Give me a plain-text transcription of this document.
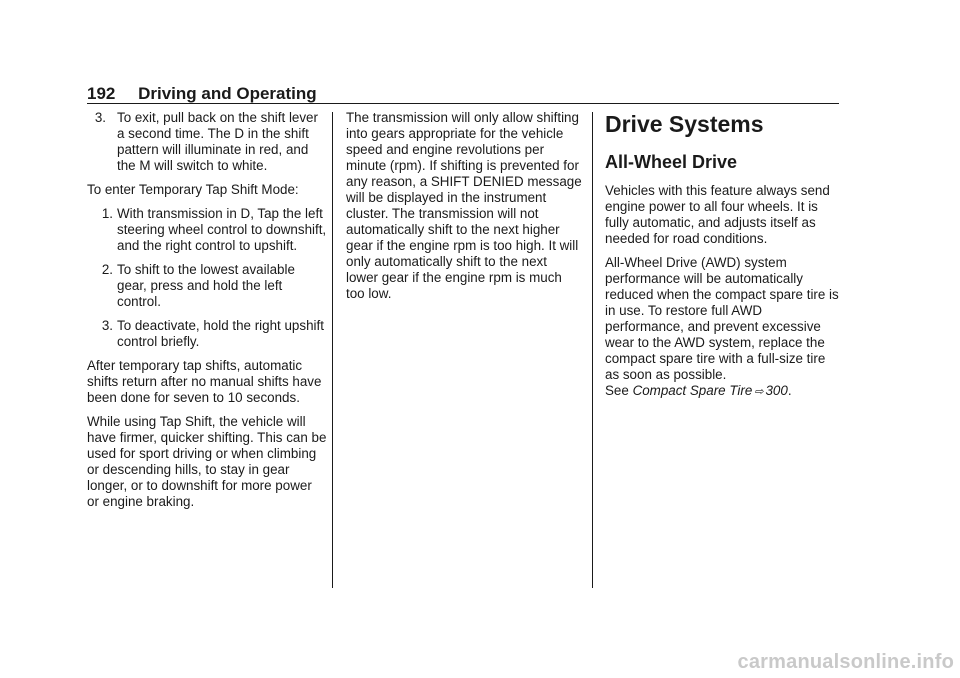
192 Driving and Operating
3. To exit, pull back on the shift lever a second time. The D in the shift pattern will illuminate in red, and the M will switch to white.

To enter Temporary Tap Shift Mode:

1. With transmission in D, Tap the left steering wheel control to downshift, and the right control to upshift.
2. To shift to the lowest available gear, press and hold the left control.
3. To deactivate, hold the right upshift control briefly.

After temporary tap shifts, automatic shifts return after no manual shifts have been done for seven to 10 seconds.

While using Tap Shift, the vehicle will have firmer, quicker shifting. This can be used for sport driving or when climbing or descending hills, to stay in gear longer, or to downshift for more power or engine braking.

The transmission will only allow shifting into gears appropriate for the vehicle speed and engine revolutions per minute (rpm). If shifting is prevented for any reason, a SHIFT DENIED message will be displayed in the instrument cluster. The transmission will not automatically shift to the next higher gear if the engine rpm is too high. It will only automatically shift to the next lower gear if the engine rpm is much too low.

Drive Systems
All-Wheel Drive

Vehicles with this feature always send engine power to all four wheels. It is fully automatic, and adjusts itself as needed for road conditions.

All-Wheel Drive (AWD) system performance will be automatically reduced when the compact spare tire is in use. To restore full AWD performance, and prevent excessive wear to the AWD system, replace the compact spare tire with a full-size tire as soon as possible.
See Compact Spare Tire ⇨ 300.

carmanualsonline.info
